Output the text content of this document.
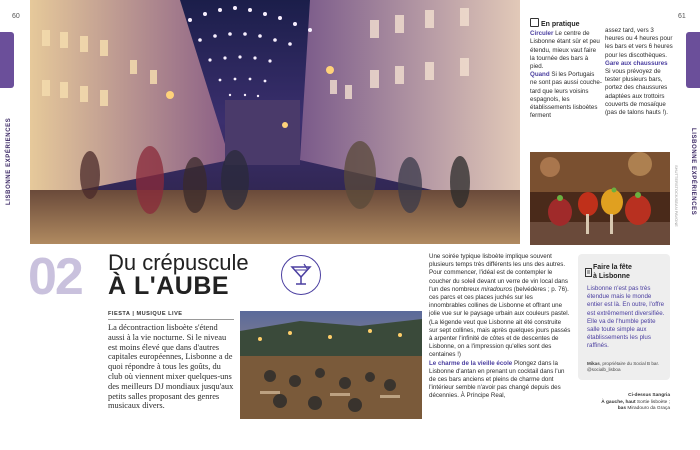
60	61
LISBONNE EXPÉRIENCES	LISBONNE EXPÉRIENCES
SHUTTERSTOCK/SEAN PAVONE
En pratique
Circuler Le centre de Lisbonne étant sûr et peu étendu, mieux vaut faire la tournée des bars à pied.
Quand Si les Portugais ne sont pas aussi couche-tard que leurs voisins espagnols, les établissements lisboètes ferment
assez tard, vers 3 heures ou 4 heures pour les bars et vers 6 heures pour les discothèques.
Gare aux chaussures Si vous prévoyez de tester plusieurs bars, portez des chaussures adaptées aux trottoirs couverts de mosaïque (pas de talons hauts !).
02 Du crépuscule
À L'AUBE
FIESTA | MUSIQUE LIVE
La décontraction lisboète s'étend aussi à la vie nocturne. Si le niveau est moins élevé que dans d'autres capitales européennes, Lisbonne a de quoi répondre à tous les goûts, du club où viennent mixer quelques-uns des meilleurs DJ mondiaux jusqu'aux petits salles proposant des genres musicaux divers.
Une soirée typique lisboète implique souvent plusieurs temps très différents les uns des autres. Pour commencer, l'idéal est de contempler le coucher du soleil devant un verre de vin local dans l'un des nombreux miradouros (belvédères ; p. 76). ces parcs et ces places juchés sur les innombrables collines de Lisbonne et offrant une jolie vue sur le paysage urbain aux couleurs pastel. (La légende veut que Lisbonne ait été construite sur sept collines, mais après quelques jours passés à arpenter l'infinité de côtes et de descentes de Lisbonne, on a l'impression qu'elles sont des centaines !)
Le charme de la vieille école Plongez dans la Lisbonne d'antan en prenant un cocktail dans l'un de ces bars anciens et pleins de charme dont l'intérieur semble n'avoir pas changé depuis des décennies. À Príncipe Real,
Faire la fête
à Lisbonne
Lisbonne n'est pas très étendue mais le monde entier est là. En outre, l'offre est extrêmement diversifiée. Elle va de l'humble petite salle toute simple aux établissements les plus raffinés.
Mikas, propriétaire du Social B bar. @socialb_lisboa
Ci-dessus Sangria
À gauche, haut Sortie lisboète ;
bas Miradouro da Graça
